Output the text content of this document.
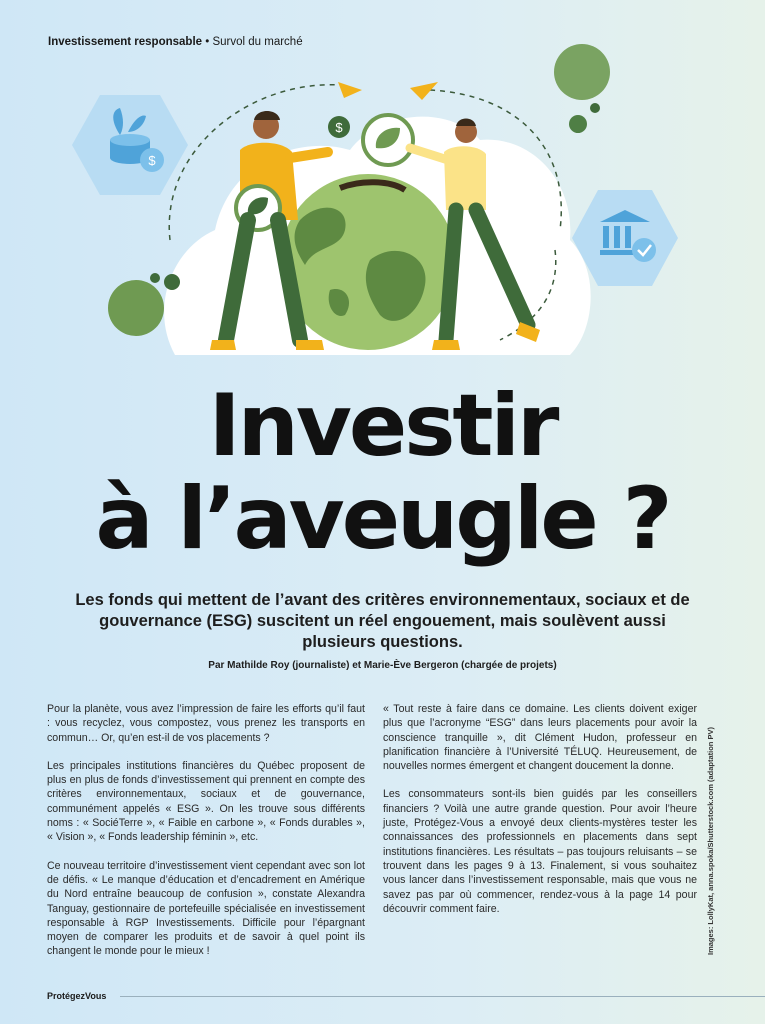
Investissement responsable • Survol du marché
$
$
Investir
à l’aveugle ?
Les fonds qui mettent de l’avant des critères environnementaux, sociaux et de gouvernance (ESG) suscitent un réel engouement, mais soulèvent aussi plusieurs questions.
Par Mathilde Roy (journaliste) et Marie-Ève Bergeron (chargée de projets)

Pour la planète, vous avez l’impression de faire les efforts qu’il faut : vous recyclez, vous compostez, vous prenez les transports en commun… Or, qu’en est-il de vos placements ?

Les principales institutions financières du Québec proposent de plus en plus de fonds d’investissement qui prennent en compte des critères environnementaux, sociaux et de gouvernance, communément appelés « ESG ». On les trouve sous différents noms : « SociéTerre », « Faible en carbone », « Fonds durables », « Vision », « Fonds leadership féminin », etc.

Ce nouveau territoire d’investissement vient cependant avec son lot de défis. « Le manque d’éducation et d’encadrement en Amérique du Nord entraîne beaucoup de confusion », constate Alexandra Tanguay, gestionnaire de portefeuille spécialisée en investissement responsable à RGP Investissements. Difficile pour l’épargnant moyen de comparer les produits et de savoir à quel point ils changent le monde pour le mieux !

« Tout reste à faire dans ce domaine. Les clients doivent exiger plus que l’acronyme “ESG” dans leurs placements pour avoir la conscience tranquille », dit Clément Hudon, professeur en planification financière à l’Université TÉLUQ. Heureusement, de nouvelles normes émergent et changent doucement la donne.

Les consommateurs sont-ils bien guidés par les conseillers financiers ? Voilà une autre grande question. Pour avoir l’heure juste, Protégez-Vous a envoyé deux clients-mystères tester les connaissances des professionnels en placements dans sept institutions financières. Les résultats – pas toujours reluisants – se trouvent dans les pages 9 à 13. Finalement, si vous souhaitez vous lancer dans l’investissement responsable, mais que vous ne savez pas par où commencer, rendez-vous à la page 14 pour découvrir comment faire.	Images: LollyKat, anna.spoka/Shutterstock.com (adaptation PV)
ProtégezVous
